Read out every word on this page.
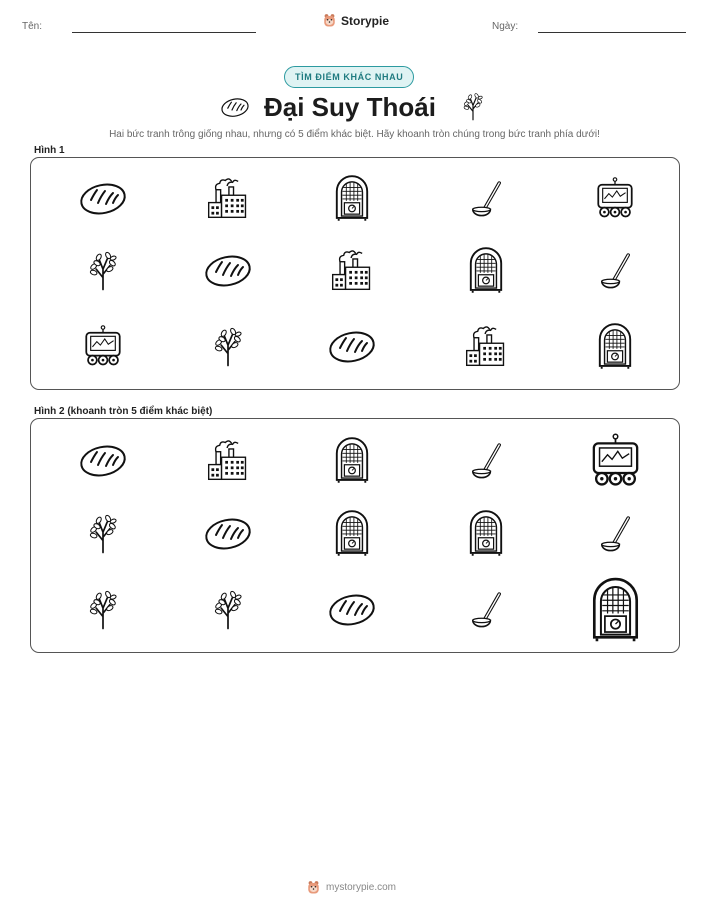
Tên:	Storypie	Ngày:
TÌM ĐIỂM KHÁC NHAU
Đại Suy Thoái
Hai bức tranh trông giống nhau, nhưng có 5 điểm khác biệt. Hãy khoanh tròn chúng trong bức tranh phía dưới!
Hình 1
Hình 2 (khoanh tròn 5 điểm khác biệt)
mystorypie.com
